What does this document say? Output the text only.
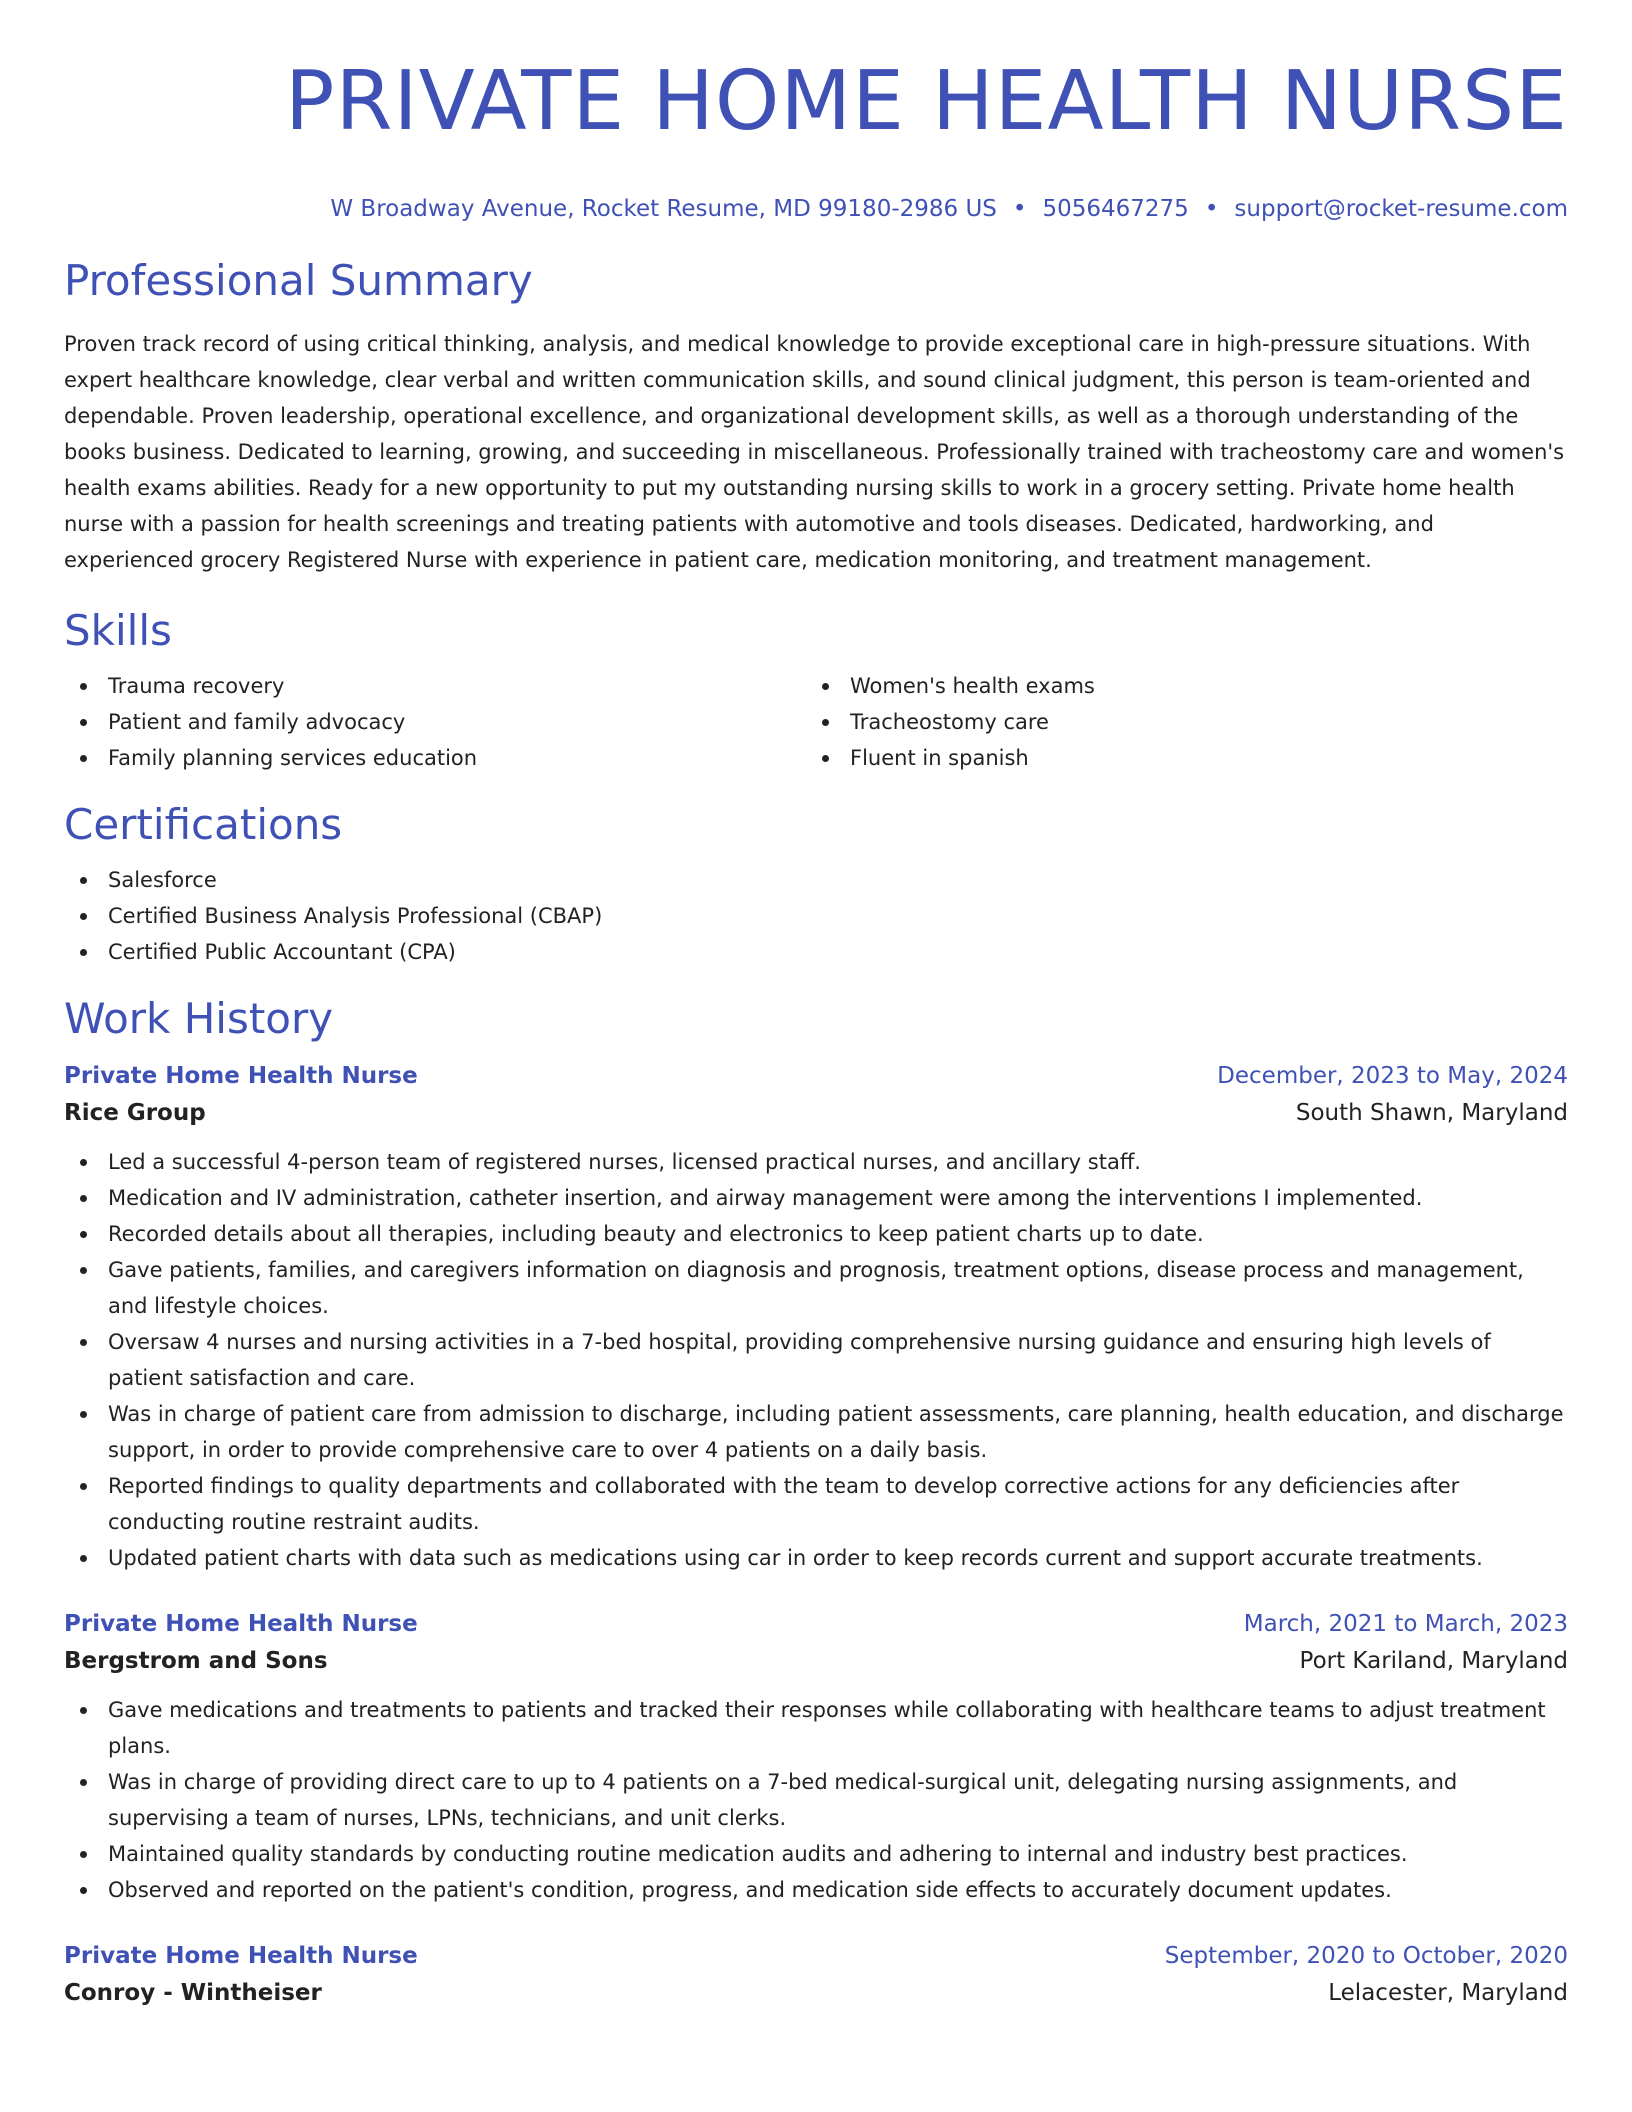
PRIVATE HOME HEALTH NURSE
W Broadway Avenue, Rocket Resume, MD 99180-2986 US • 5056467275 • support@rocket-resume.com
Professional Summary

Proven track record of using critical thinking, analysis, and medical knowledge to provide exceptional care in high-pressure situations. With expert healthcare knowledge, clear verbal and written communication skills, and sound clinical judgment, this person is team-oriented and dependable. Proven leadership, operational excellence, and organizational development skills, as well as a thorough understanding of the books business. Dedicated to learning, growing, and succeeding in miscellaneous. Professionally trained with tracheostomy care and women's health exams abilities. Ready for a new opportunity to put my outstanding nursing skills to work in a grocery setting. Private home health nurse with a passion for health screenings and treating patients with automotive and tools diseases. Dedicated, hardworking, and experienced grocery Registered Nurse with experience in patient care, medication monitoring, and treatment management.

Skills
Trauma recovery
Patient and family advocacy
Family planning services education
Women's health exams
Tracheostomy care
Fluent in spanish
Certifications
Salesforce
Certified Business Analysis Professional (CBAP)
Certified Public Accountant (CPA)
Work History
Private Home Health Nurse	December, 2023 to May, 2024
Rice Group	South Shawn, Maryland
Led a successful 4-person team of registered nurses, licensed practical nurses, and ancillary staff.
Medication and IV administration, catheter insertion, and airway management were among the interventions I implemented.
Recorded details about all therapies, including beauty and electronics to keep patient charts up to date.
Gave patients, families, and caregivers information on diagnosis and prognosis, treatment options, disease process and management, and lifestyle choices.
Oversaw 4 nurses and nursing activities in a 7-bed hospital, providing comprehensive nursing guidance and ensuring high levels of patient satisfaction and care.
Was in charge of patient care from admission to discharge, including patient assessments, care planning, health education, and discharge support, in order to provide comprehensive care to over 4 patients on a daily basis.
Reported findings to quality departments and collaborated with the team to develop corrective actions for any deficiencies after conducting routine restraint audits.
Updated patient charts with data such as medications using car in order to keep records current and support accurate treatments.
Private Home Health Nurse	March, 2021 to March, 2023
Bergstrom and Sons	Port Kariland, Maryland
Gave medications and treatments to patients and tracked their responses while collaborating with healthcare teams to adjust treatment plans.
Was in charge of providing direct care to up to 4 patients on a 7-bed medical-surgical unit, delegating nursing assignments, and supervising a team of nurses, LPNs, technicians, and unit clerks.
Maintained quality standards by conducting routine medication audits and adhering to internal and industry best practices.
Observed and reported on the patient's condition, progress, and medication side effects to accurately document updates.
Private Home Health Nurse	September, 2020 to October, 2020
Conroy - Wintheiser	Lelacester, Maryland
